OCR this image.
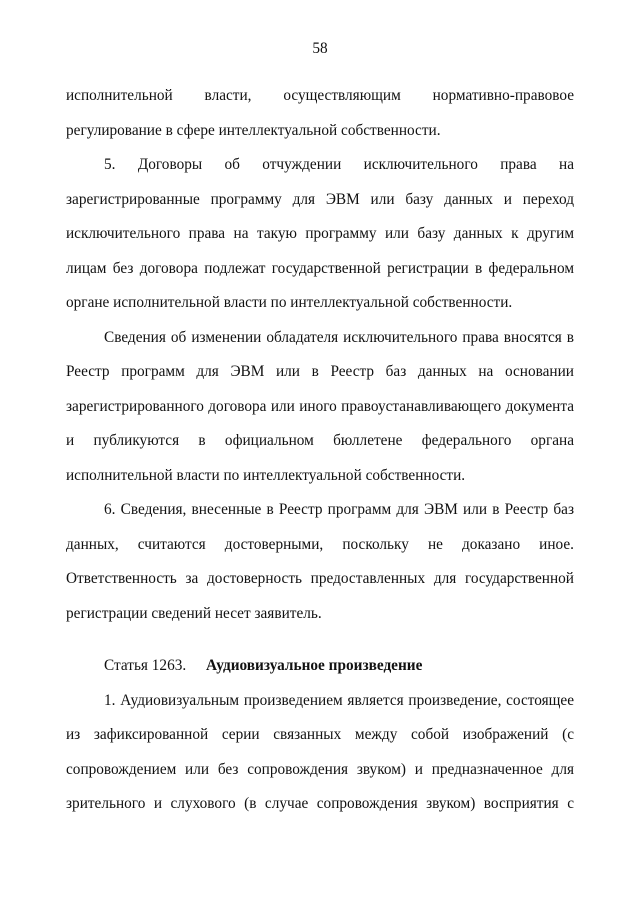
58
исполнительной власти, осуществляющим нормативно-правовое
регулирование в сфере интеллектуальной собственности.
5. Договоры об отчуждении исключительного права на
зарегистрированные программу для ЭВМ или базу данных и переход
исключительного права на такую программу или базу данных к другим
лицам без договора подлежат государственной регистрации в федеральном
органе исполнительной власти по интеллектуальной собственности.
Сведения об изменении обладателя исключительного права вносятся в
Реестр программ для ЭВМ или в Реестр баз данных на основании
зарегистрированного договора или иного правоустанавливающего документа
и публикуются в официальном бюллетене федерального органа
исполнительной власти по интеллектуальной собственности.
6. Сведения, внесенные в Реестр программ для ЭВМ или в Реестр баз
данных, считаются достоверными, поскольку не доказано иное.
Ответственность за достоверность предоставленных для государственной
регистрации сведений несет заявитель.
Статья 1263. Аудиовизуальное произведение
1. Аудиовизуальным произведением является произведение, состоящее
из зафиксированной серии связанных между собой изображений (с
сопровождением или без сопровождения звуком) и предназначенное для
зрительного и слухового (в случае сопровождения звуком) восприятия с
